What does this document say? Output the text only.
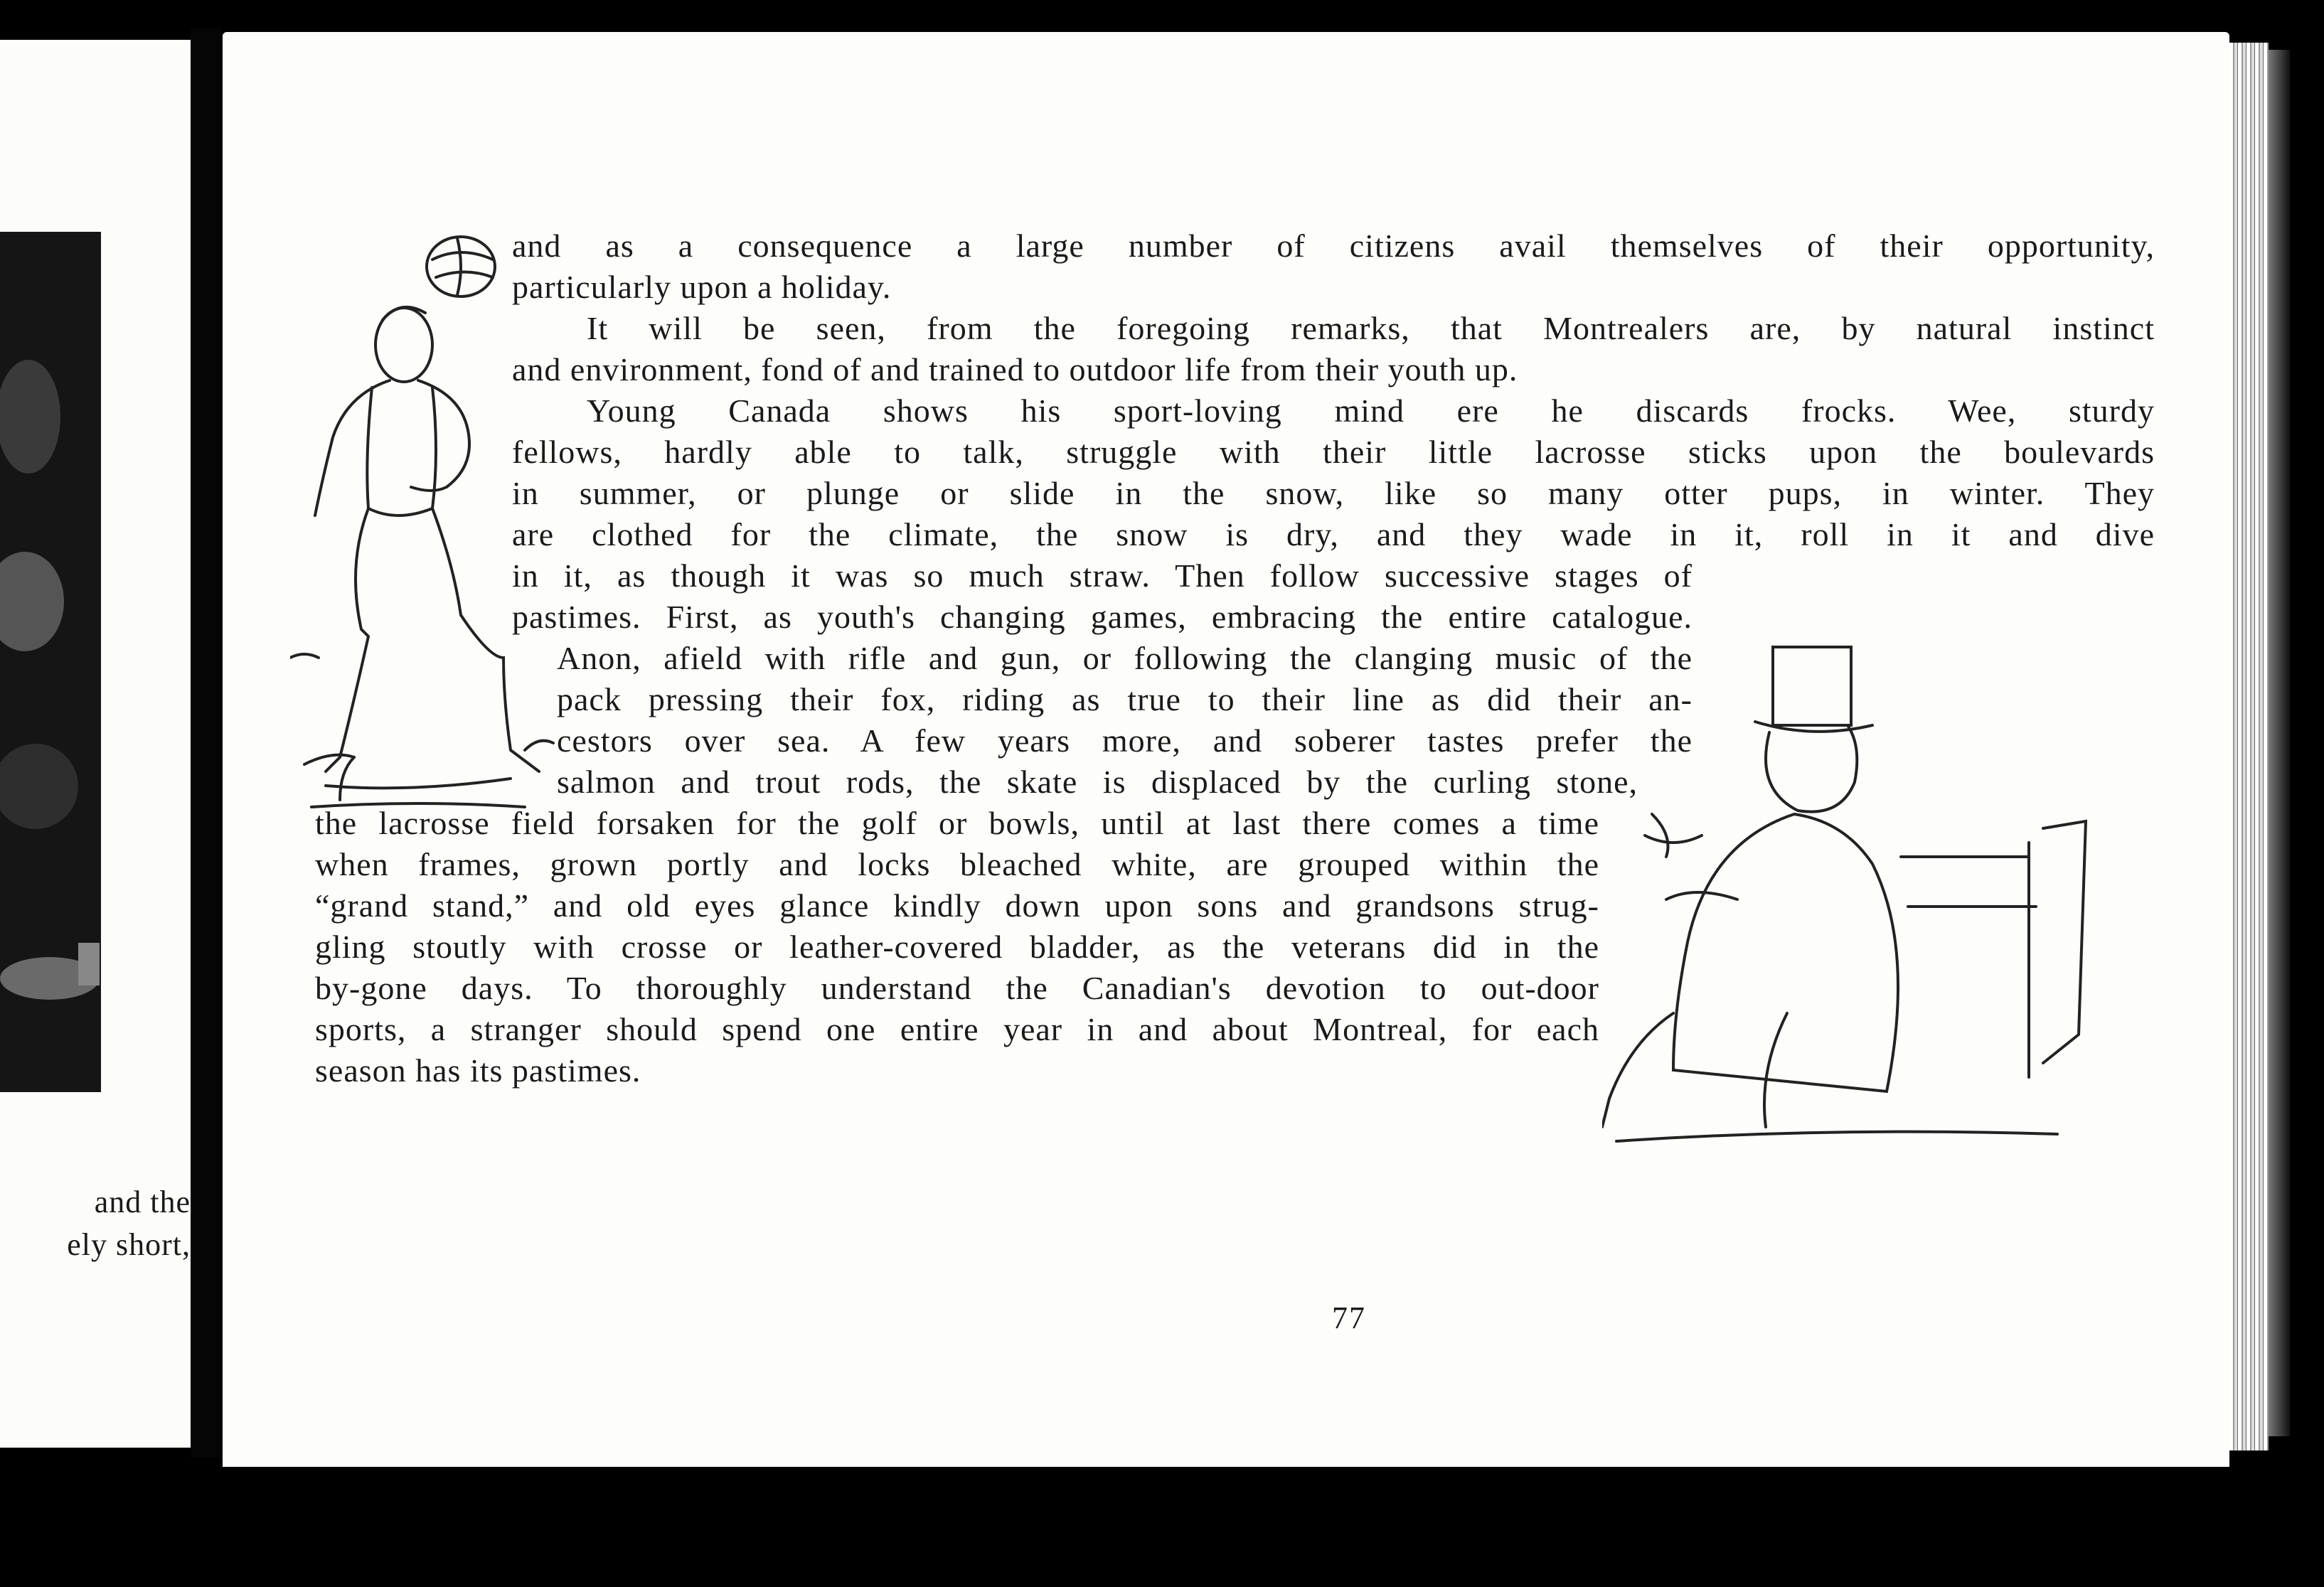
and the
ely short,
and as a consequence a large number of citizens avail themselves of their opportunity,
particularly upon a holiday.
It will be seen, from the foregoing remarks, that Montrealers are, by natural instinct
and environment, fond of and trained to outdoor life from their youth up.
Young Canada shows his sport-loving mind ere he discards frocks. Wee, sturdy
fellows, hardly able to talk, struggle with their little lacrosse sticks upon the boulevards
in summer, or plunge or slide in the snow, like so many otter pups, in winter. They
are clothed for the climate, the snow is dry, and they wade in it, roll in it and dive
in it, as though it was so much straw. Then follow successive stages of
pastimes. First, as youth's changing games, embracing the entire catalogue.
Anon, afield with rifle and gun, or following the clanging music of the
pack pressing their fox, riding as true to their line as did their an-
cestors over sea. A few years more, and soberer tastes prefer the
salmon and trout rods, the skate is displaced by the curling stone,
the lacrosse field forsaken for the golf or bowls, until at last there comes a time
when frames, grown portly and locks bleached white, are grouped within the
“grand stand,” and old eyes glance kindly down upon sons and grandsons strug-
gling stoutly with crosse or leather-covered bladder, as the veterans did in the
by-gone days. To thoroughly understand the Canadian's devotion to out-door
sports, a stranger should spend one entire year in and about Montreal, for each
season has its pastimes.
77
